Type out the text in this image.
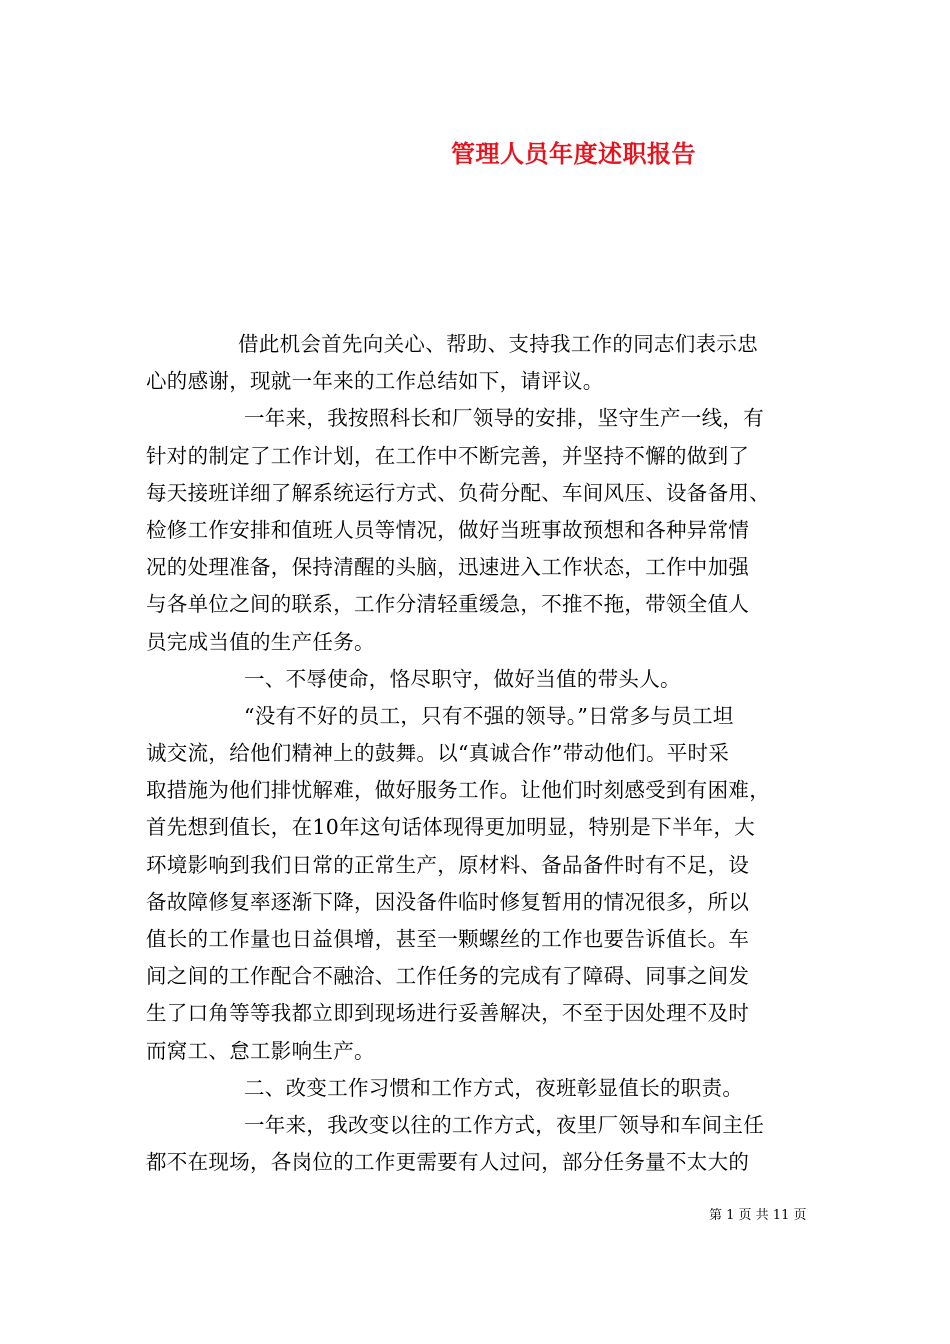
管理人员年度述职报告
借此机会首先向关心、帮助、支持我工作的同志们表示忠
心的感谢，现就一年来的工作总结如下，请评议。
一年来，我按照科长和厂领导的安排，坚守生产一线，有
针对的制定了工作计划，在工作中不断完善，并坚持不懈的做到了
每天接班详细了解系统运行方式、负荷分配、车间风压、设备备用、
检修工作安排和值班人员等情况，做好当班事故预想和各种异常情
况的处理准备，保持清醒的头脑，迅速进入工作状态，工作中加强
与各单位之间的联系，工作分清轻重缓急，不推不拖，带领全值人
员完成当值的生产任务。
一、不辱使命，恪尽职守，做好当值的带头人。
“没有不好的员工，只有不强的领导。”日常多与员工坦
诚交流，给他们精神上的鼓舞。以“真诚合作”带动他们。平时采
取措施为他们排忧解难，做好服务工作。让他们时刻感受到有困难，
首先想到值长，在10年这句话体现得更加明显，特别是下半年，大
环境影响到我们日常的正常生产，原材料、备品备件时有不足，设
备故障修复率逐渐下降，因没备件临时修复暂用的情况很多，所以
值长的工作量也日益俱增，甚至一颗螺丝的工作也要告诉值长。车
间之间的工作配合不融洽、工作任务的完成有了障碍、同事之间发
生了口角等等我都立即到现场进行妥善解决，不至于因处理不及时
而窝工、怠工影响生产。
二、改变工作习惯和工作方式，夜班彰显值长的职责。
一年来，我改变以往的工作方式，夜里厂领导和车间主任
都不在现场，各岗位的工作更需要有人过问，部分任务量不太大的
第 1 页 共 11 页
